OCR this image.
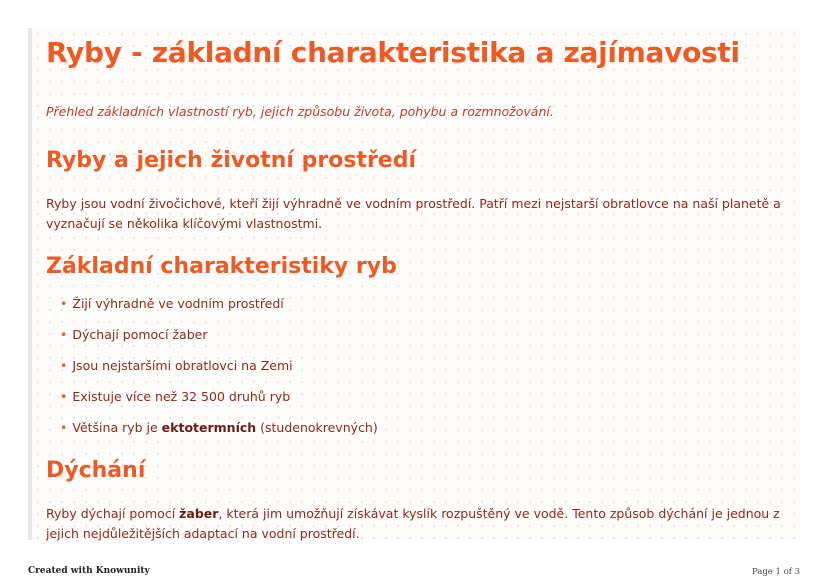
Ryby - základní charakteristika a zajímavosti

Přehled základních vlastností ryb, jejich způsobu života, pohybu a rozmnožování.

Ryby a jejich životní prostředí

Ryby jsou vodní živočichové, kteří žijí výhradně ve vodním prostředí. Patří mezi nejstarší obratlovce na naší planetě a vyznačují se několika klíčovými vlastnostmi.

Základní charakteristiky ryb
• Žijí výhradně ve vodním prostředí
• Dýchají pomocí žaber
• Jsou nejstaršími obratlovci na Zemi
• Existuje více než 32 500 druhů ryb
• Většina ryb je ektotermních (studenokrevných)
Dýchání

Ryby dýchají pomocí žaber, která jim umožňují získávat kyslík rozpuštěný ve vodě. Tento způsob dýchání je jednou z jejich nejdůležitějších adaptací na vodní prostředí.

Created with Knowunity	Page 1 of 3
